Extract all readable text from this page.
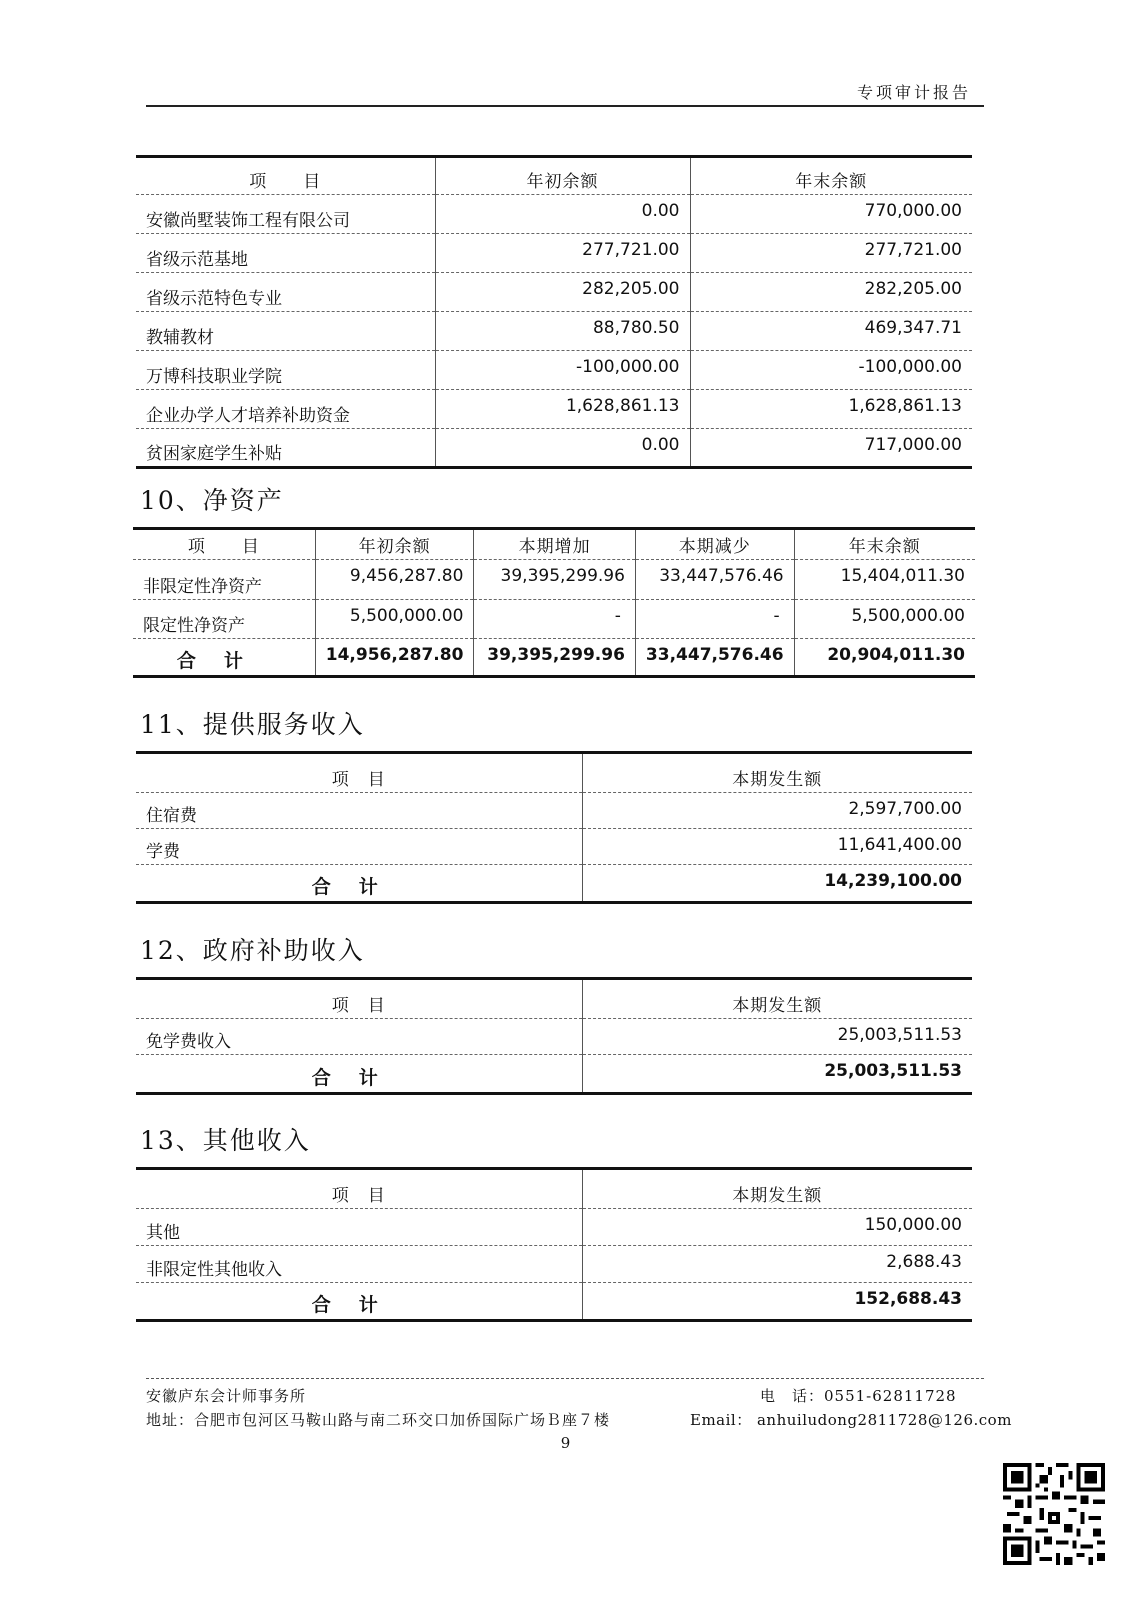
专项审计报告
项　　目	年初余额	年末余额
安徽尚墅装饰工程有限公司	0.00	770,000.00
省级示范基地	277,721.00	277,721.00
省级示范特色专业	282,205.00	282,205.00
教辅教材	88,780.50	469,347.71
万博科技职业学院	-100,000.00	-100,000.00
企业办学人才培养补助资金	1,628,861.13	1,628,861.13
贫困家庭学生补贴	0.00	717,000.00
10、净资产
项　　目	年初余额	本期增加	本期减少	年末余额
非限定性净资产	9,456,287.80	39,395,299.96	33,447,576.46	15,404,011.30
限定性净资产	5,500,000.00	-	-	5,500,000.00
合计	14,956,287.80	39,395,299.96	33,447,576.46	20,904,011.30
11、提供服务收入
项　目	本期发生额
住宿费	2,597,700.00
学费	11,641,400.00
合计	14,239,100.00
12、政府补助收入
项　目	本期发生额
免学费收入	25,003,511.53
合计	25,003,511.53
13、其他收入
项　目	本期发生额
其他	150,000.00
非限定性其他收入	2,688.43
合计	152,688.43
安徽庐东会计师事务所
地址：合肥市包河区马鞍山路与南二环交口加侨国际广场Ｂ座７楼
电　话：0551-62811728
Email： anhuiludong2811728@126.com
9
